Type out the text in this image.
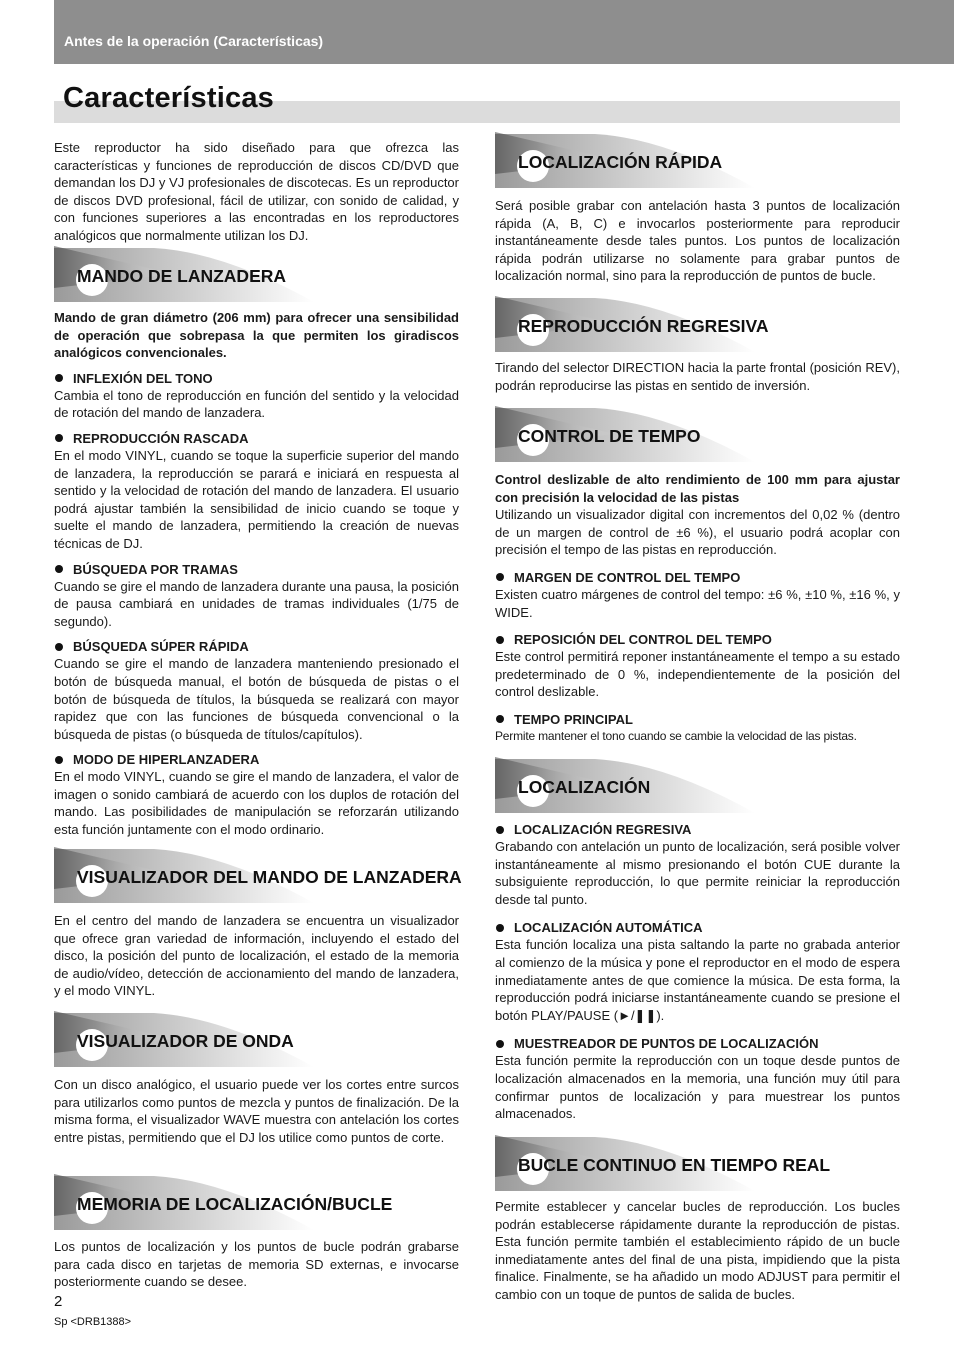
Antes de la operación (Características)
Características

Este reproductor ha sido diseñado para que ofrezca las características y funciones de reproducción de discos CD/DVD que demandan los DJ y VJ profesionales de discotecas. Es un reproductor de discos DVD profesional, fácil de utilizar, con sonido de calidad, y con funciones superiores a las encontradas en los reproductores analógicos que normalmente utilizan los DJ.

MANDO DE LANZADERA

Mando de gran diámetro (206 mm) para ofrecer una sensibilidad de operación que sobrepasa la que permiten los giradiscos analógicos convencionales.

INFLEXIÓN DEL TONO

Cambia el tono de reproducción en función del sentido y la velocidad de rotación del mando de lanzadera.

REPRODUCCIÓN RASCADA

En el modo VINYL, cuando se toque la superficie superior del mando de lanzadera, la reproducción se parará e iniciará en respuesta al sentido y la velocidad de rotación del mando de lanzadera. El usuario podrá ajustar también la sensibilidad de inicio cuando se toque y suelte el mando de lanzadera, permitiendo la creación de nuevas técnicas de DJ.

BÚSQUEDA POR TRAMAS

Cuando se gire el mando de lanzadera durante una pausa, la posición de pausa cambiará en unidades de tramas individuales (1/75 de segundo).

BÚSQUEDA SÚPER RÁPIDA

Cuando se gire el mando de lanzadera manteniendo presionado el botón de búsqueda manual, el botón de búsqueda de pistas o el botón de búsqueda de títulos, la búsqueda se realizará con mayor rapidez que con las funciones de búsqueda convencional o la búsqueda de pistas (o búsqueda de títulos/capítulos).

MODO DE HIPERLANZADERA

En el modo VINYL, cuando se gire el mando de lanzadera, el valor de imagen o sonido cambiará de acuerdo con los duplos de rotación del mando. Las posibilidades de manipulación se reforzarán utilizando esta función juntamente con el modo ordinario.

VISUALIZADOR DEL MANDO DE LANZADERA

En el centro del mando de lanzadera se encuentra un visualizador que ofrece gran variedad de información, incluyendo el estado del disco, la posición del punto de localización, el estado de la memoria de audio/vídeo, detección de accionamiento del mando de lanzadera, y el modo VINYL.

VISUALIZADOR DE ONDA

Con un disco analógico, el usuario puede ver los cortes entre surcos para utilizarlos como puntos de mezcla y puntos de finalización. De la misma forma, el visualizador WAVE muestra con antelación los cortes entre pistas, permitiendo que el DJ los utilice como puntos de corte.

MEMORIA DE LOCALIZACIÓN/BUCLE

Los puntos de localización y los puntos de bucle podrán grabarse para cada disco en tarjetas de memoria SD externas, e invocarse posteriormente cuando se desee.

LOCALIZACIÓN RÁPIDA

Será posible grabar con antelación hasta 3 puntos de localización rápida (A, B, C) e invocarlos posteriormente para reproducir instantáneamente desde tales puntos. Los puntos de localización rápida podrán utilizarse no solamente para grabar puntos de localización normal, sino para la reproducción de puntos de bucle.

REPRODUCCIÓN REGRESIVA

Tirando del selector DIRECTION hacia la parte frontal (posición REV), podrán reproducirse las pistas en sentido de inversión.

CONTROL DE TEMPO

Control deslizable de alto rendimiento de 100 mm para ajustar con precisión la velocidad de las pistas

Utilizando un visualizador digital con incrementos del 0,02 % (dentro de un margen de control de ±6 %), el usuario podrá acoplar con precisión el tempo de las pistas en reproducción.

MARGEN DE CONTROL DEL TEMPO

Existen cuatro márgenes de control del tempo: ±6 %, ±10 %, ±16 %, y WIDE.

REPOSICIÓN DEL CONTROL DEL TEMPO

Este control permitirá reponer instantáneamente el tempo a su estado predeterminado de 0 %, independientemente de la posición del control deslizable.

TEMPO PRINCIPAL

Permite mantener el tono cuando se cambie la velocidad de las pistas.

LOCALIZACIÓN
LOCALIZACIÓN REGRESIVA

Grabando con antelación un punto de localización, será posible volver instantáneamente al mismo presionando el botón CUE durante la subsiguiente reproducción, lo que permite reiniciar la reproducción desde tal punto.

LOCALIZACIÓN AUTOMÁTICA

Esta función localiza una pista saltando la parte no grabada anterior al comienzo de la música y pone el reproductor en el modo de espera inmediatamente antes de que comience la música. De esta forma, la reproducción podrá iniciarse instantáneamente cuando se presione el botón PLAY/PAUSE (►/❚❚).

MUESTREADOR DE PUNTOS DE LOCALIZACIÓN

Esta función permite la reproducción con un toque desde puntos de localización almacenados en la memoria, una función muy útil para confirmar puntos de localización y para muestrear los puntos almacenados.

BUCLE CONTINUO EN TIEMPO REAL

Permite establecer y cancelar bucles de reproducción. Los bucles podrán establecerse rápidamente durante la reproducción de pistas. Esta función permite también el establecimiento rápido de un bucle inmediatamente antes del final de una pista, impidiendo que la pista finalice. Finalmente, se ha añadido un modo ADJUST para permitir el cambio con un toque de puntos de salida de bucles.

2
Sp <DRB1388>
